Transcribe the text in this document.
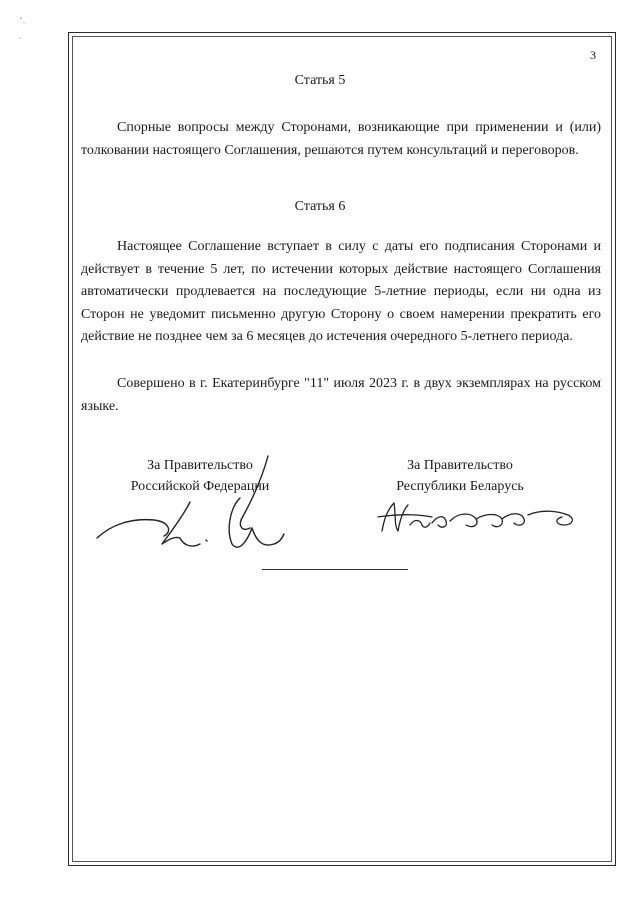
3
Статья 5

Спорные вопросы между Сторонами, возникающие при применении и (или) толковании настоящего Соглашения, решаются путем консультаций и переговоров.

Статья 6

Настоящее Соглашение вступает в силу с даты его подписания Сторонами и действует в течение 5 лет, по истечении которых действие настоящего Соглашения автоматически продлевается на последующие 5-летние периоды, если ни одна из Сторон не уведомит письменно другую Сторону о своем намерении прекратить его действие не позднее чем за 6 месяцев до истечения очередного 5-летнего периода.

Совершено в г. Екатеринбурге "11" июля 2023 г. в двух экземплярах на русском языке.

За Правительство
Российской Федерации
За Правительство
Республики Беларусь
